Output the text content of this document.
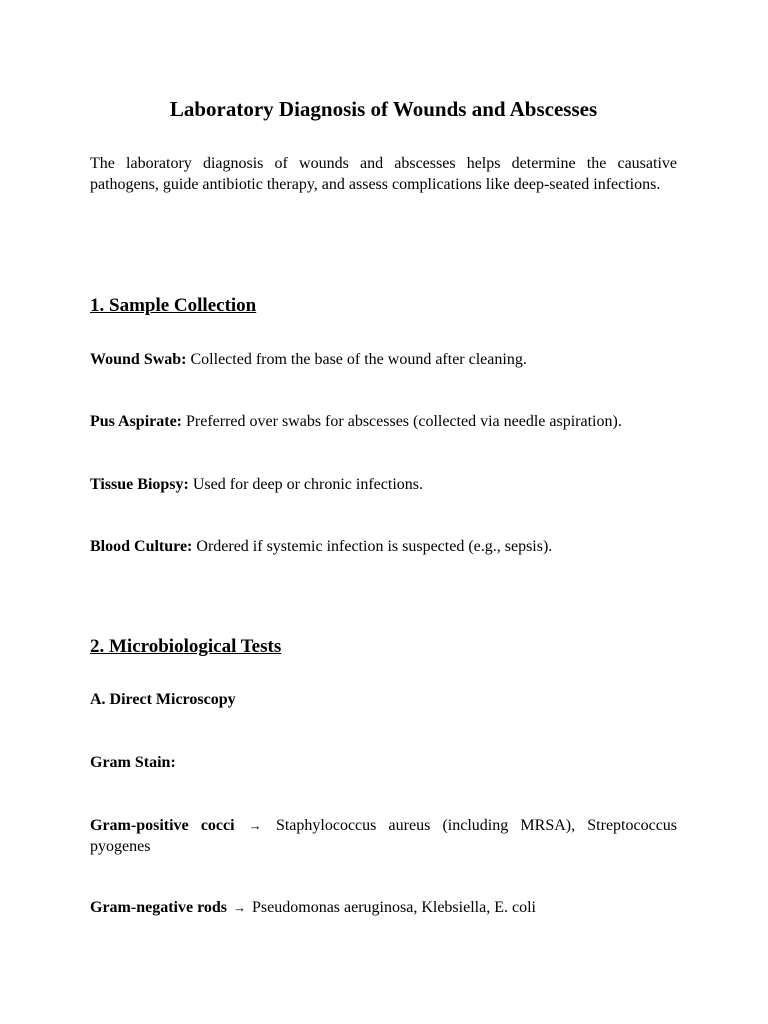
Laboratory Diagnosis of Wounds and Abscesses

The laboratory diagnosis of wounds and abscesses helps determine the causative pathogens, guide antibiotic therapy, and assess complications like deep-seated infections.

1. Sample Collection

Wound Swab: Collected from the base of the wound after cleaning.

Pus Aspirate: Preferred over swabs for abscesses (collected via needle aspiration).

Tissue Biopsy: Used for deep or chronic infections.

Blood Culture: Ordered if systemic infection is suspected (e.g., sepsis).

2. Microbiological Tests

A. Direct Microscopy

Gram Stain:

Gram-positive cocci → Staphylococcus aureus (including MRSA), Streptococcus pyogenes

Gram-negative rods → Pseudomonas aeruginosa, Klebsiella, E. coli
